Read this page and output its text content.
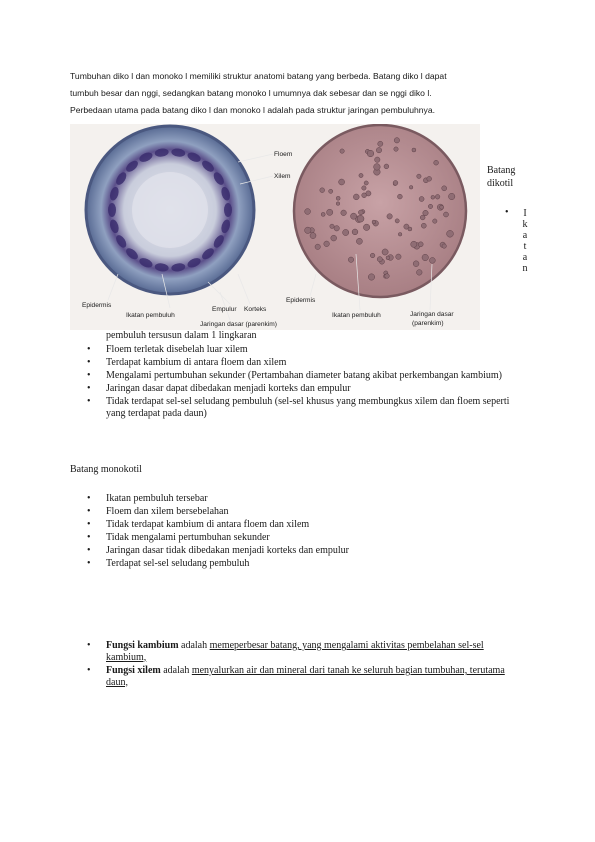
Tumbuhan diko l dan monoko l memiliki struktur anatomi batang yang berbeda. Batang diko l dapat

tumbuh besar dan nggi, sedangkan batang monoko l umumnya dak sebesar dan se nggi diko l.

Perbedaan utama pada batang diko l dan monoko l adalah pada struktur jaringan pembuluhnya.

Floem
Xilem
Epidermis
Ikatan pembuluh
Empulur Korteks
Jaringan dasar (parenkim)
Epidermis
Ikatan pembuluh	Jaringan dasar
(parenkim)
Batang
dikotil
• I
k
a
t
a
n
pembuluh tersusun dalam 1 lingkaran
• Floem terletak disebelah luar xilem
• Terdapat kambium di antara floem dan xilem
• Mengalami pertumbuhan sekunder (Pertambahan diameter batang akibat perkembangan kambium)
• Jaringan dasar dapat dibedakan menjadi korteks dan empulur
• Tidak terdapat sel-sel seludang pembuluh (sel-sel khusus yang membungkus xilem dan floem seperti yang terdapat pada daun)
Batang monokotil
• Ikatan pembuluh tersebar
• Floem dan xilem bersebelahan
• Tidak terdapat kambium di antara floem dan xilem
• Tidak mengalami pertumbuhan sekunder
• Jaringan dasar tidak dibedakan menjadi korteks dan empulur
• Terdapat sel-sel seludang pembuluh
• Fungsi kambium adalah memeperbesar batang, yang mengalami aktivitas pembelahan sel-sel kambium,
• Fungsi xilem adalah menyalurkan air dan mineral dari tanah ke seluruh bagian tumbuhan, terutama daun,
